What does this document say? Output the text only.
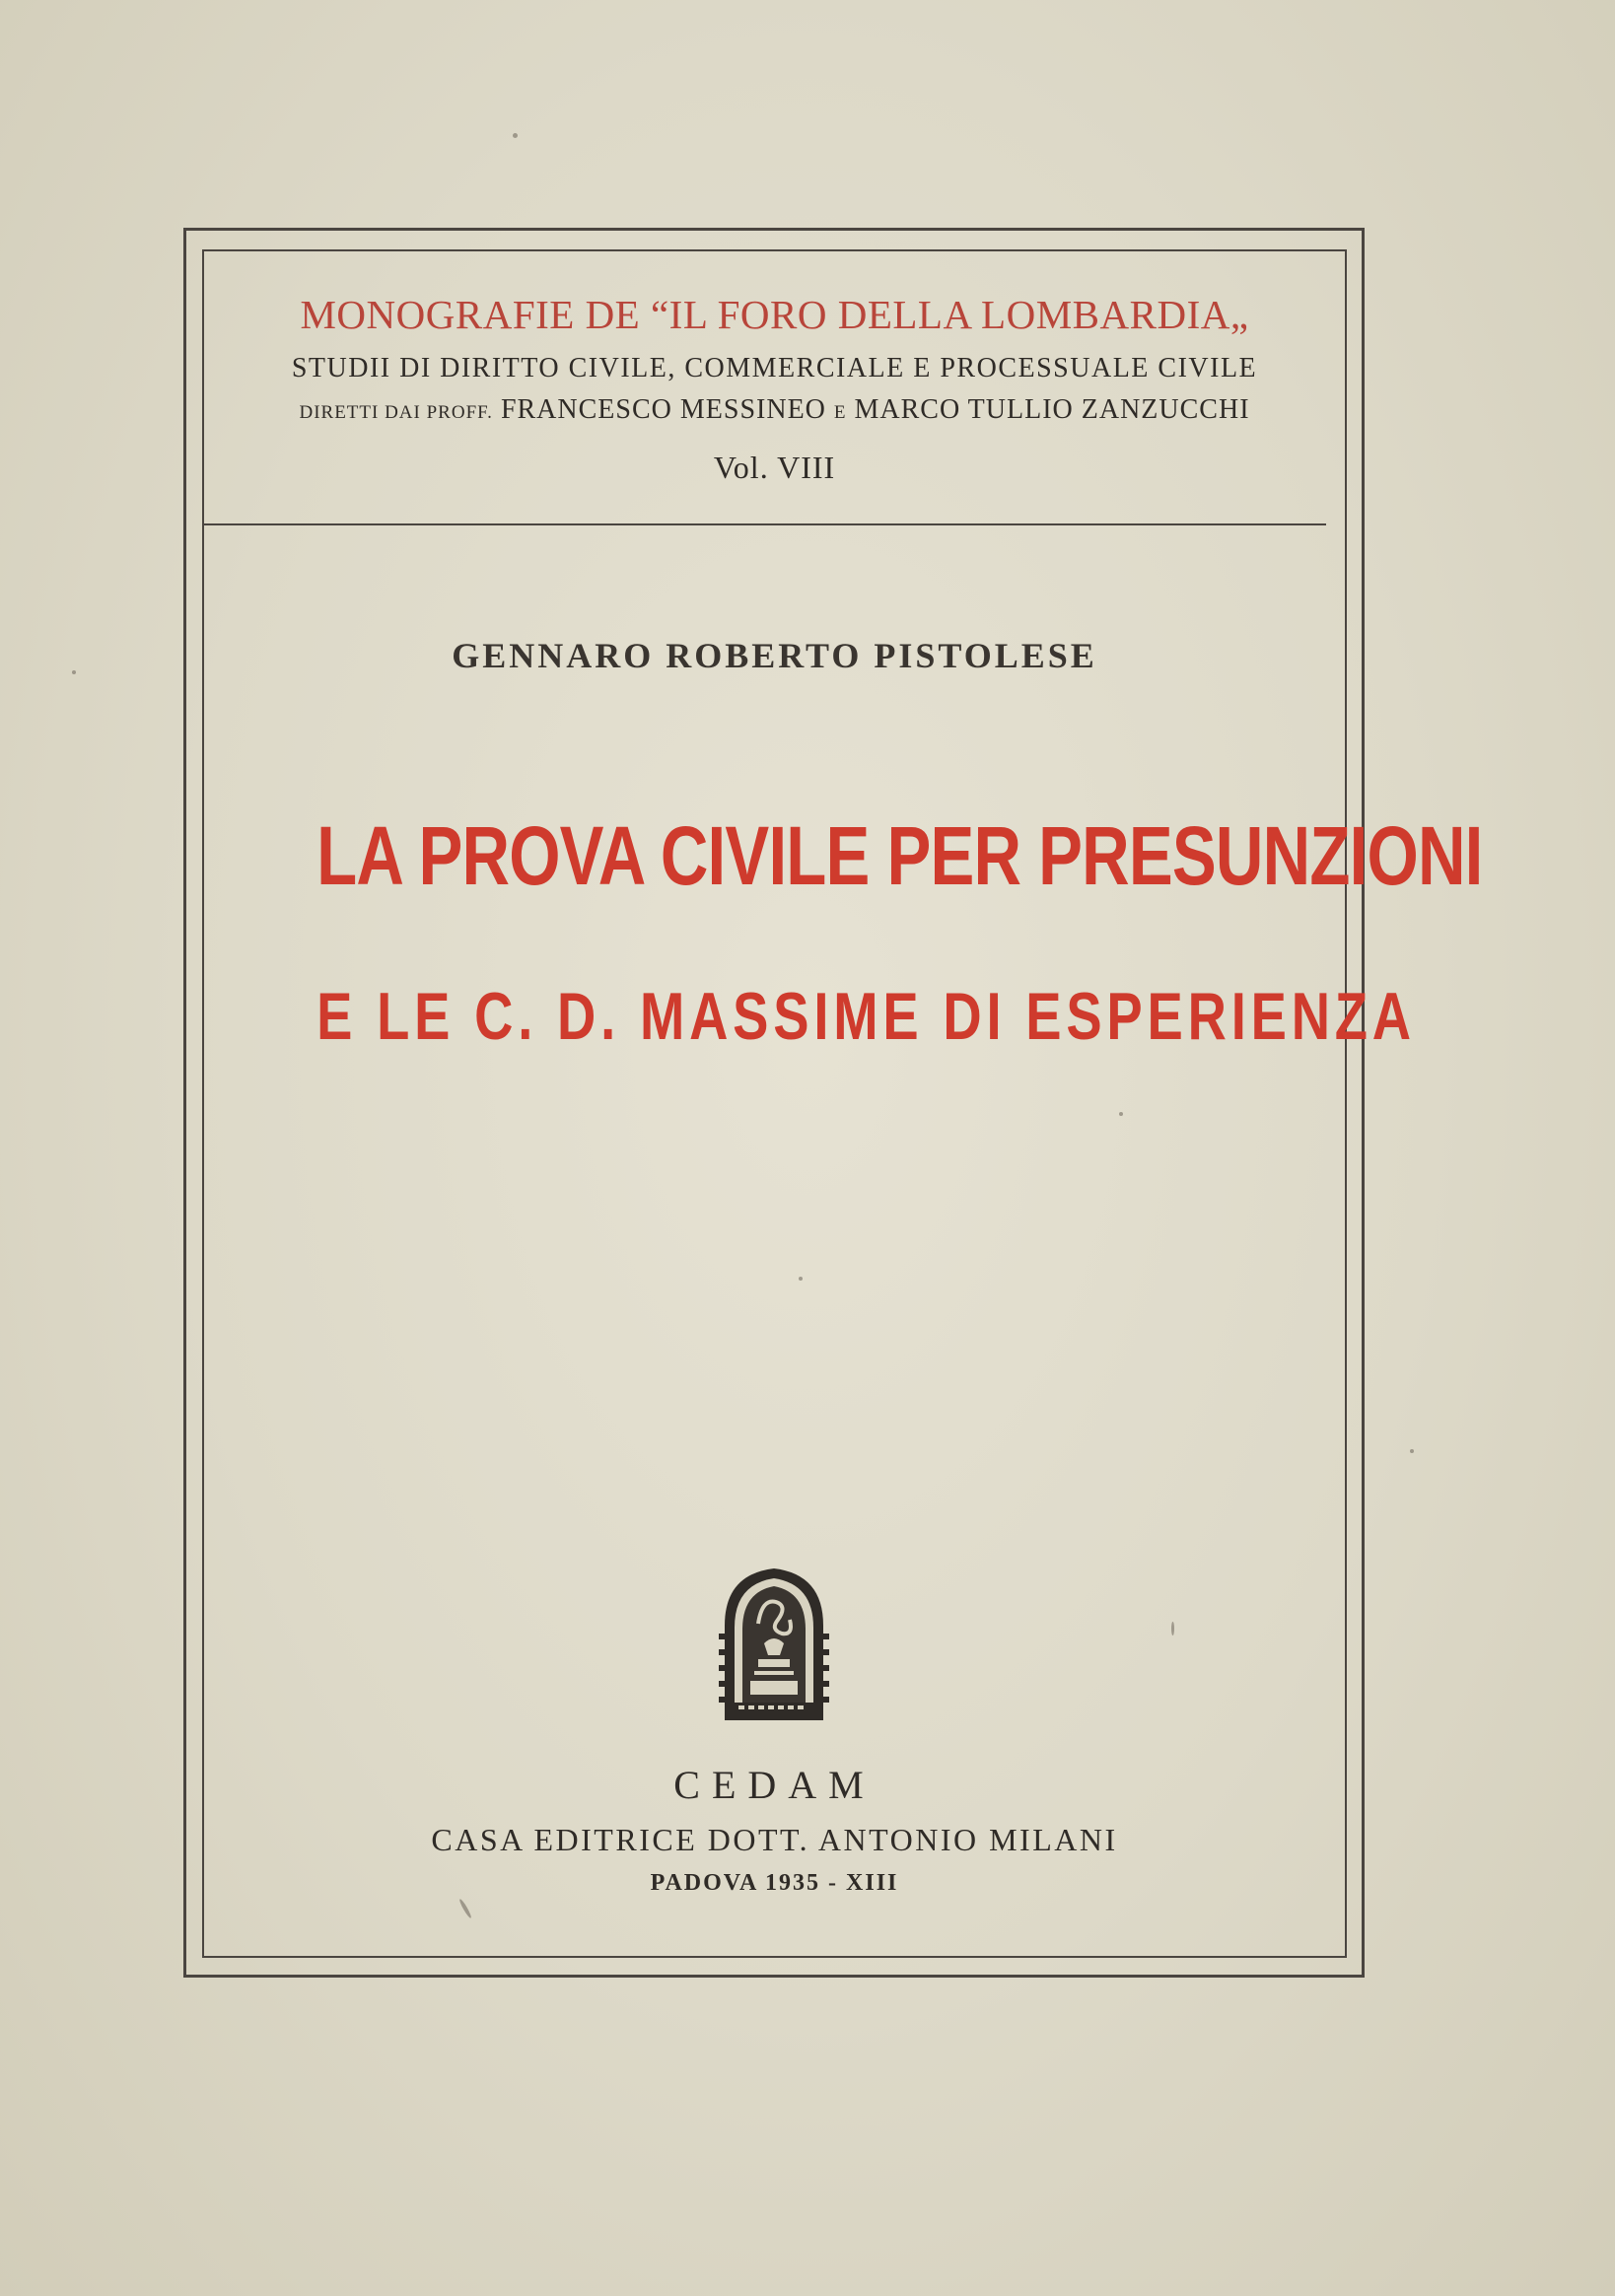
MONOGRAFIE DE “IL FORO DELLA LOMBARDIA„
STUDII DI DIRITTO CIVILE, COMMERCIALE E PROCESSUALE CIVILE
DIRETTI DAI PROFF. FRANCESCO MESSINEO E MARCO TULLIO ZANZUCCHI
Vol. VIII
GENNARO ROBERTO PISTOLESE
LA PROVA CIVILE PER PRESUNZIONI
E LE C. D. MASSIME DI ESPERIENZA
CEDAM
CASA EDITRICE DOTT. ANTONIO MILANI
PADOVA 1935 - XIII
